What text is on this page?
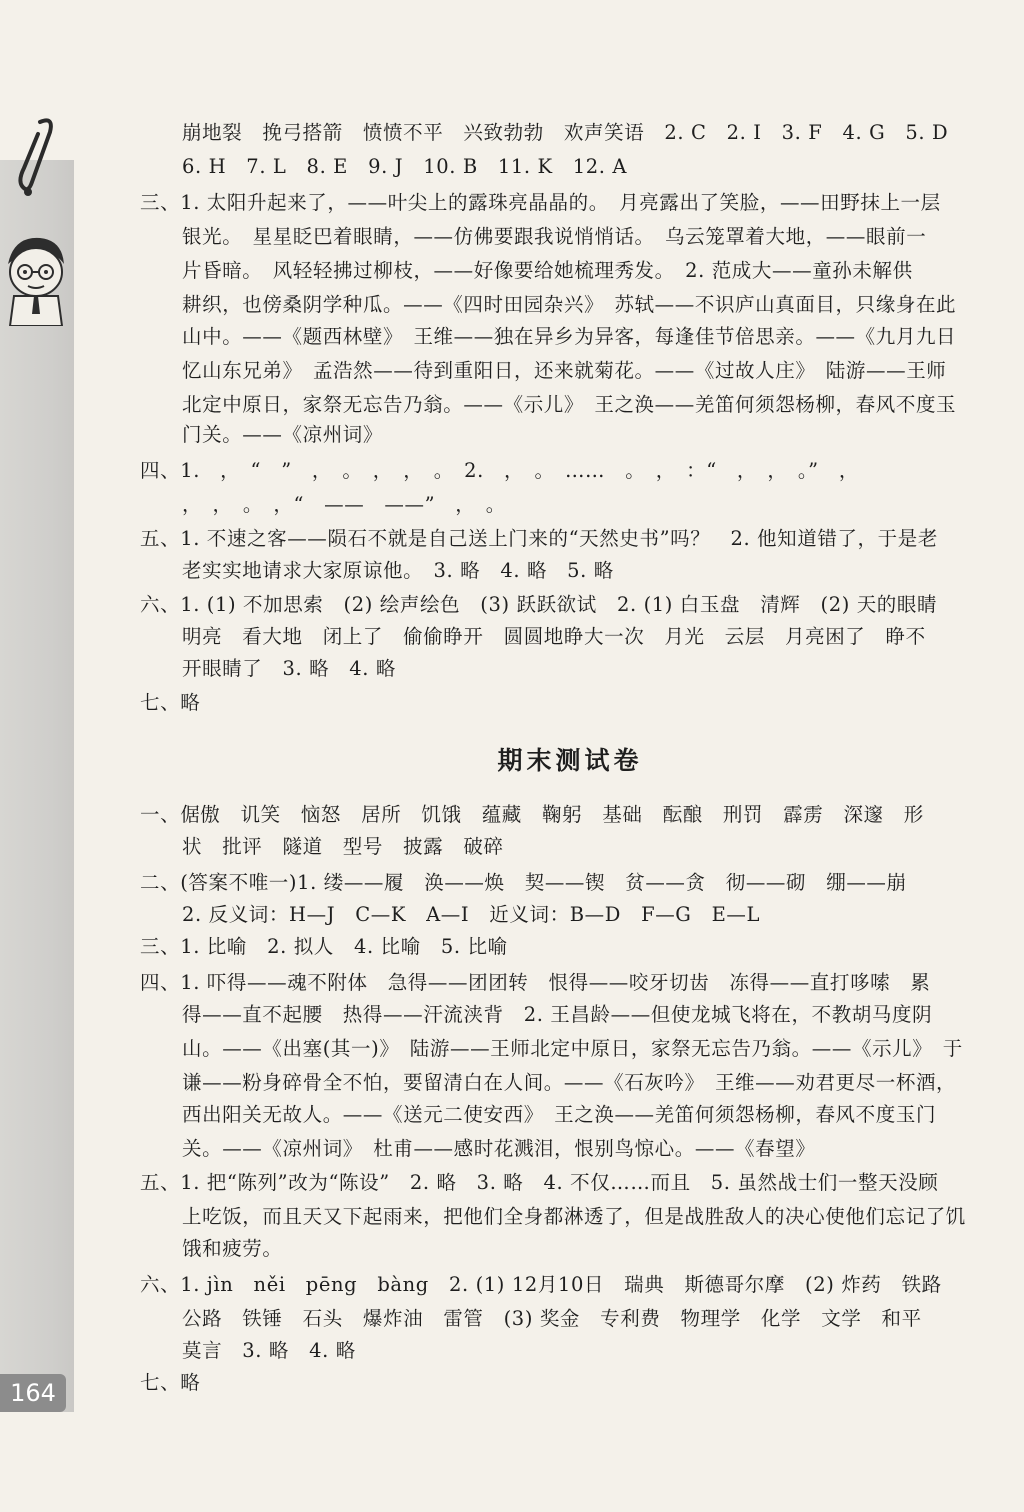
164
崩地裂　挽弓搭箭　愤愤不平　兴致勃勃　欢声笑语　2. C　2. I　3. F　4. G　5. D
6. H　7. L　8. E　9. J　10. B　11. K　12. A
三、1. 太阳升起来了，——叶尖上的露珠亮晶晶的。　月亮露出了笑脸，——田野抹上一层
银光。　星星眨巴着眼睛，——仿佛要跟我说悄悄话。　乌云笼罩着大地，——眼前一
片昏暗。　风轻轻拂过柳枝，——好像要给她梳理秀发。　2. 范成大——童孙未解供
耕织，也傍桑阴学种瓜。——《四时田园杂兴》　苏轼——不识庐山真面目，只缘身在此
山中。——《题西林壁》　王维——独在异乡为异客，每逢佳节倍思亲。——《九月九日
忆山东兄弟》　孟浩然——待到重阳日，还来就菊花。——《过故人庄》　陆游——王师
北定中原日，家祭无忘告乃翁。——《示儿》　王之涣——羌笛何须怨杨柳，春风不度玉
门关。——《凉州词》
四、1.　，　“　”　，　。　，　，　。　2.　，　。　……　。　，　：“　，　，　。”　，
，　，　。　，“　——　——”　，　。
五、1. 不速之客——陨石不就是自己送上门来的“天然史书”吗？　2. 他知道错了，于是老
老实实地请求大家原谅他。　3. 略　4. 略　5. 略
六、1. (1) 不加思索　(2) 绘声绘色　(3) 跃跃欲试　2. (1) 白玉盘　清辉　(2) 天的眼睛
明亮　看大地　闭上了　偷偷睁开　圆圆地睁大一次　月光　云层　月亮困了　睁不
开眼睛了　3. 略　4. 略
七、略
期末测试卷
一、倨傲　讥笑　恼怒　居所　饥饿　蕴藏　鞠躬　基础　酝酿　刑罚　霹雳　深邃　形
状　批评　隧道　型号　披露　破碎
二、(答案不唯一)1. 缕——履　涣——焕　契——锲　贫——贪　彻——砌　绷——崩
2. 反义词：H—J　C—K　A—I　近义词：B—D　F—G　E—L
三、1. 比喻　2. 拟人　4. 比喻　5. 比喻
四、1. 吓得——魂不附体　急得——团团转　恨得——咬牙切齿　冻得——直打哆嗦　累
得——直不起腰　热得——汗流浃背　2. 王昌龄——但使龙城飞将在，不教胡马度阴
山。——《出塞(其一)》　陆游——王师北定中原日，家祭无忘告乃翁。——《示儿》　于
谦——粉身碎骨全不怕，要留清白在人间。——《石灰吟》　王维——劝君更尽一杯酒，
西出阳关无故人。——《送元二使安西》　王之涣——羌笛何须怨杨柳，春风不度玉门
关。——《凉州词》　杜甫——感时花溅泪，恨别鸟惊心。——《春望》
五、1. 把“陈列”改为“陈设”　2. 略　3. 略　4. 不仅……而且　5. 虽然战士们一整天没顾
上吃饭，而且天又下起雨来，把他们全身都淋透了，但是战胜敌人的决心使他们忘记了饥
饿和疲劳。
六、1. jìn　něi　pēng　bàng　2. (1) 12月10日　瑞典　斯德哥尔摩　(2) 炸药　铁路
公路　铁锤　石头　爆炸油　雷管　(3) 奖金　专利费　物理学　化学　文学　和平
莫言　3. 略　4. 略
七、略
